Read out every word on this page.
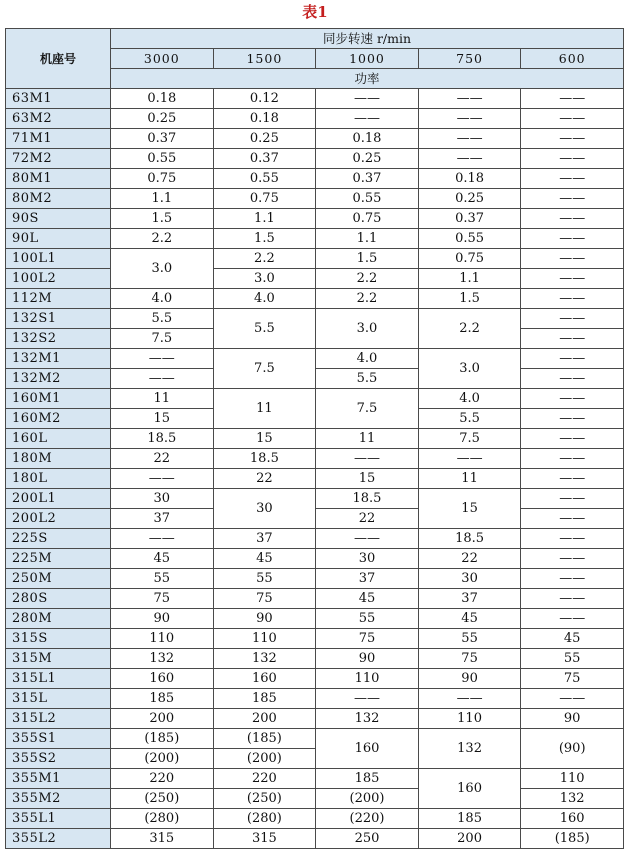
表1
机座号	同步转速 r/min				
	3000	1500	1000	750	600
	功率				
63M1	0.18	0.12	——	——	——
63M2	0.25	0.18	——	——	——
71M1	0.37	0.25	0.18	——	——
72M2	0.55	0.37	0.25	——	——
80M1	0.75	0.55	0.37	0.18	——
80M2	1.1	0.75	0.55	0.25	——
90S	1.5	1.1	0.75	0.37	——
90L	2.2	1.5	1.1	0.55	——
100L1	3.0	2.2	1.5	0.75	——
100L2		3.0	2.2	1.1	——
112M	4.0	4.0	2.2	1.5	——
132S1	5.5	5.5	3.0	2.2	——
132S2	7.5				——
132M1	——	7.5	4.0	3.0	——
132M2	——		5.5		——
160M1	11	11	7.5	4.0	——
160M2	15			5.5	——
160L	18.5	15	11	7.5	——
180M	22	18.5	——	——	——
180L	——	22	15	11	——
200L1	30	30	18.5	15	——
200L2	37		22		——
225S	——	37	——	18.5	——
225M	45	45	30	22	——
250M	55	55	37	30	——
280S	75	75	45	37	——
280M	90	90	55	45	——
315S	110	110	75	55	45
315M	132	132	90	75	55
315L1	160	160	110	90	75
315L	185	185	——	——	——
315L2	200	200	132	110	90
355S1	(185)	(185)	160	132	(90)
355S2	(200)	(200)			
355M1	220	220	185	160	110
355M2	(250)	(250)	(200)		132
355L1	(280)	(280)	(220)	185	160
355L2	315	315	250	200	(185)
